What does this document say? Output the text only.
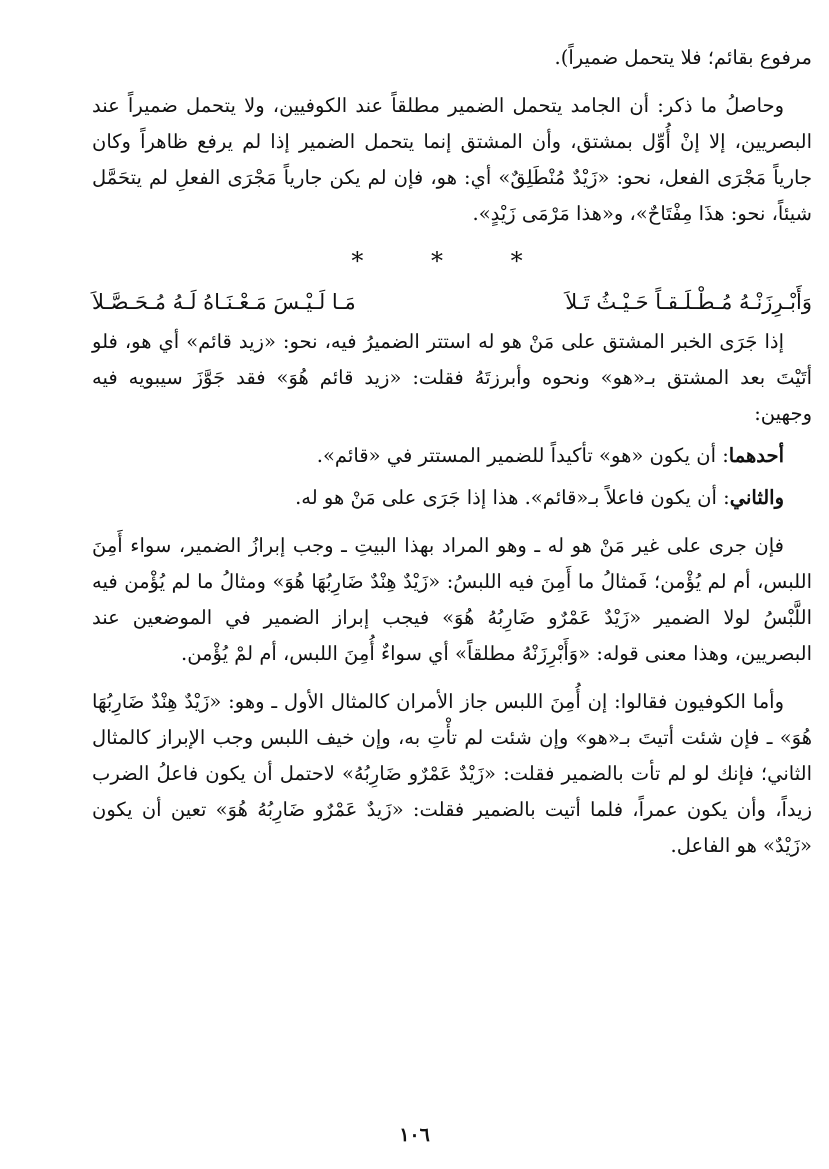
مرفوع بقائم؛ فلا يتحمل ضميراً).

وحاصلُ ما ذكر: أن الجامد يتحمل الضمير مطلقاً عند الكوفيين، ولا يتحمل ضميراً عند البصريين، إلا إنْ أُوِّل بمشتق، وأن المشتق إنما يتحمل الضمير إذا لم يرفع ظاهراً وكان جارياً مَجْرَى الفعل، نحو: «زَيْدٌ مُنْطَلِقٌ» أي: هو، فإن لم يكن جارياً مَجْرَى الفعلِ لم يتحَمَّل شيئاً، نحو: هذَا مِفْتَاحٌ»، و«هذا مَرْمَى زَيْدٍ».

* * *
وَأَبْـرِزَنْـهُ مُـطْـلَـقـاً حَـيْـثُ تَـلاَ
مَـا لَـيْـسَ مَـعْـنَـاهُ لَـهُ مُـحَـصَّـلاَ

إذا جَرَى الخبر المشتق على مَنْ هو له استتر الضميرُ فيه، نحو: «زيد قائم» أي هو، فلو أتَيْتَ بعد المشتق بـ«هو» ونحوه وأبرزتَهُ فقلت: «زيد قائم هُوَ» فقد جَوَّزَ سيبويه فيه وجهين:

أحدهما: أن يكون «هو» تأكيداً للضمير المستتر في «قائم».

والثاني: أن يكون فاعلاً بـ«قائم». هذا إذا جَرَى على مَنْ هو له.

فإن جرى على غير مَنْ هو له ـ وهو المراد بهذا البيتِ ـ وجب إبرازُ الضمير، سواء أَمِنَ اللبس، أم لم يُؤْمن؛ فَمثالُ ما أَمِنَ فيه اللبسُ: «زَيْدٌ هِنْدٌ ضَارِبُهَا هُوَ» ومثالُ ما لم يُؤْمن فيه اللَّبْسُ لولا الضمير «زَيْدٌ عَمْرٌو ضَارِبُهُ هُوَ» فيجب إبراز الضمير في الموضعين عند البصريين، وهذا معنى قوله: «وَأَبْرِزَنْهُ مطلقاً» أي سواءٌ أُمِنَ اللبس، أم لمْ يُؤْمن.

وأما الكوفيون فقالوا: إن أُمِنَ اللبس جاز الأمران كالمثال الأول ـ وهو: «زَيْدٌ هِنْدٌ ضَارِبُهَا هُوَ» ـ فإن شئت أتيتَ بـ«هو» وإن شئت لم تأْتِ به، وإن خيف اللبس وجب الإبراز كالمثال الثاني؛ فإنك لو لم تأت بالضمير فقلت: «زَيْدٌ عَمْرٌو ضَارِبُهُ» لاحتمل أن يكون فاعلُ الضرب زيداً، وأن يكون عمراً، فلما أتيت بالضمير فقلت: «زَيدٌ عَمْرٌو ضَارِبُهُ هُوَ» تعين أن يكون «زَيْدٌ» هو الفاعل.

١٠٦
